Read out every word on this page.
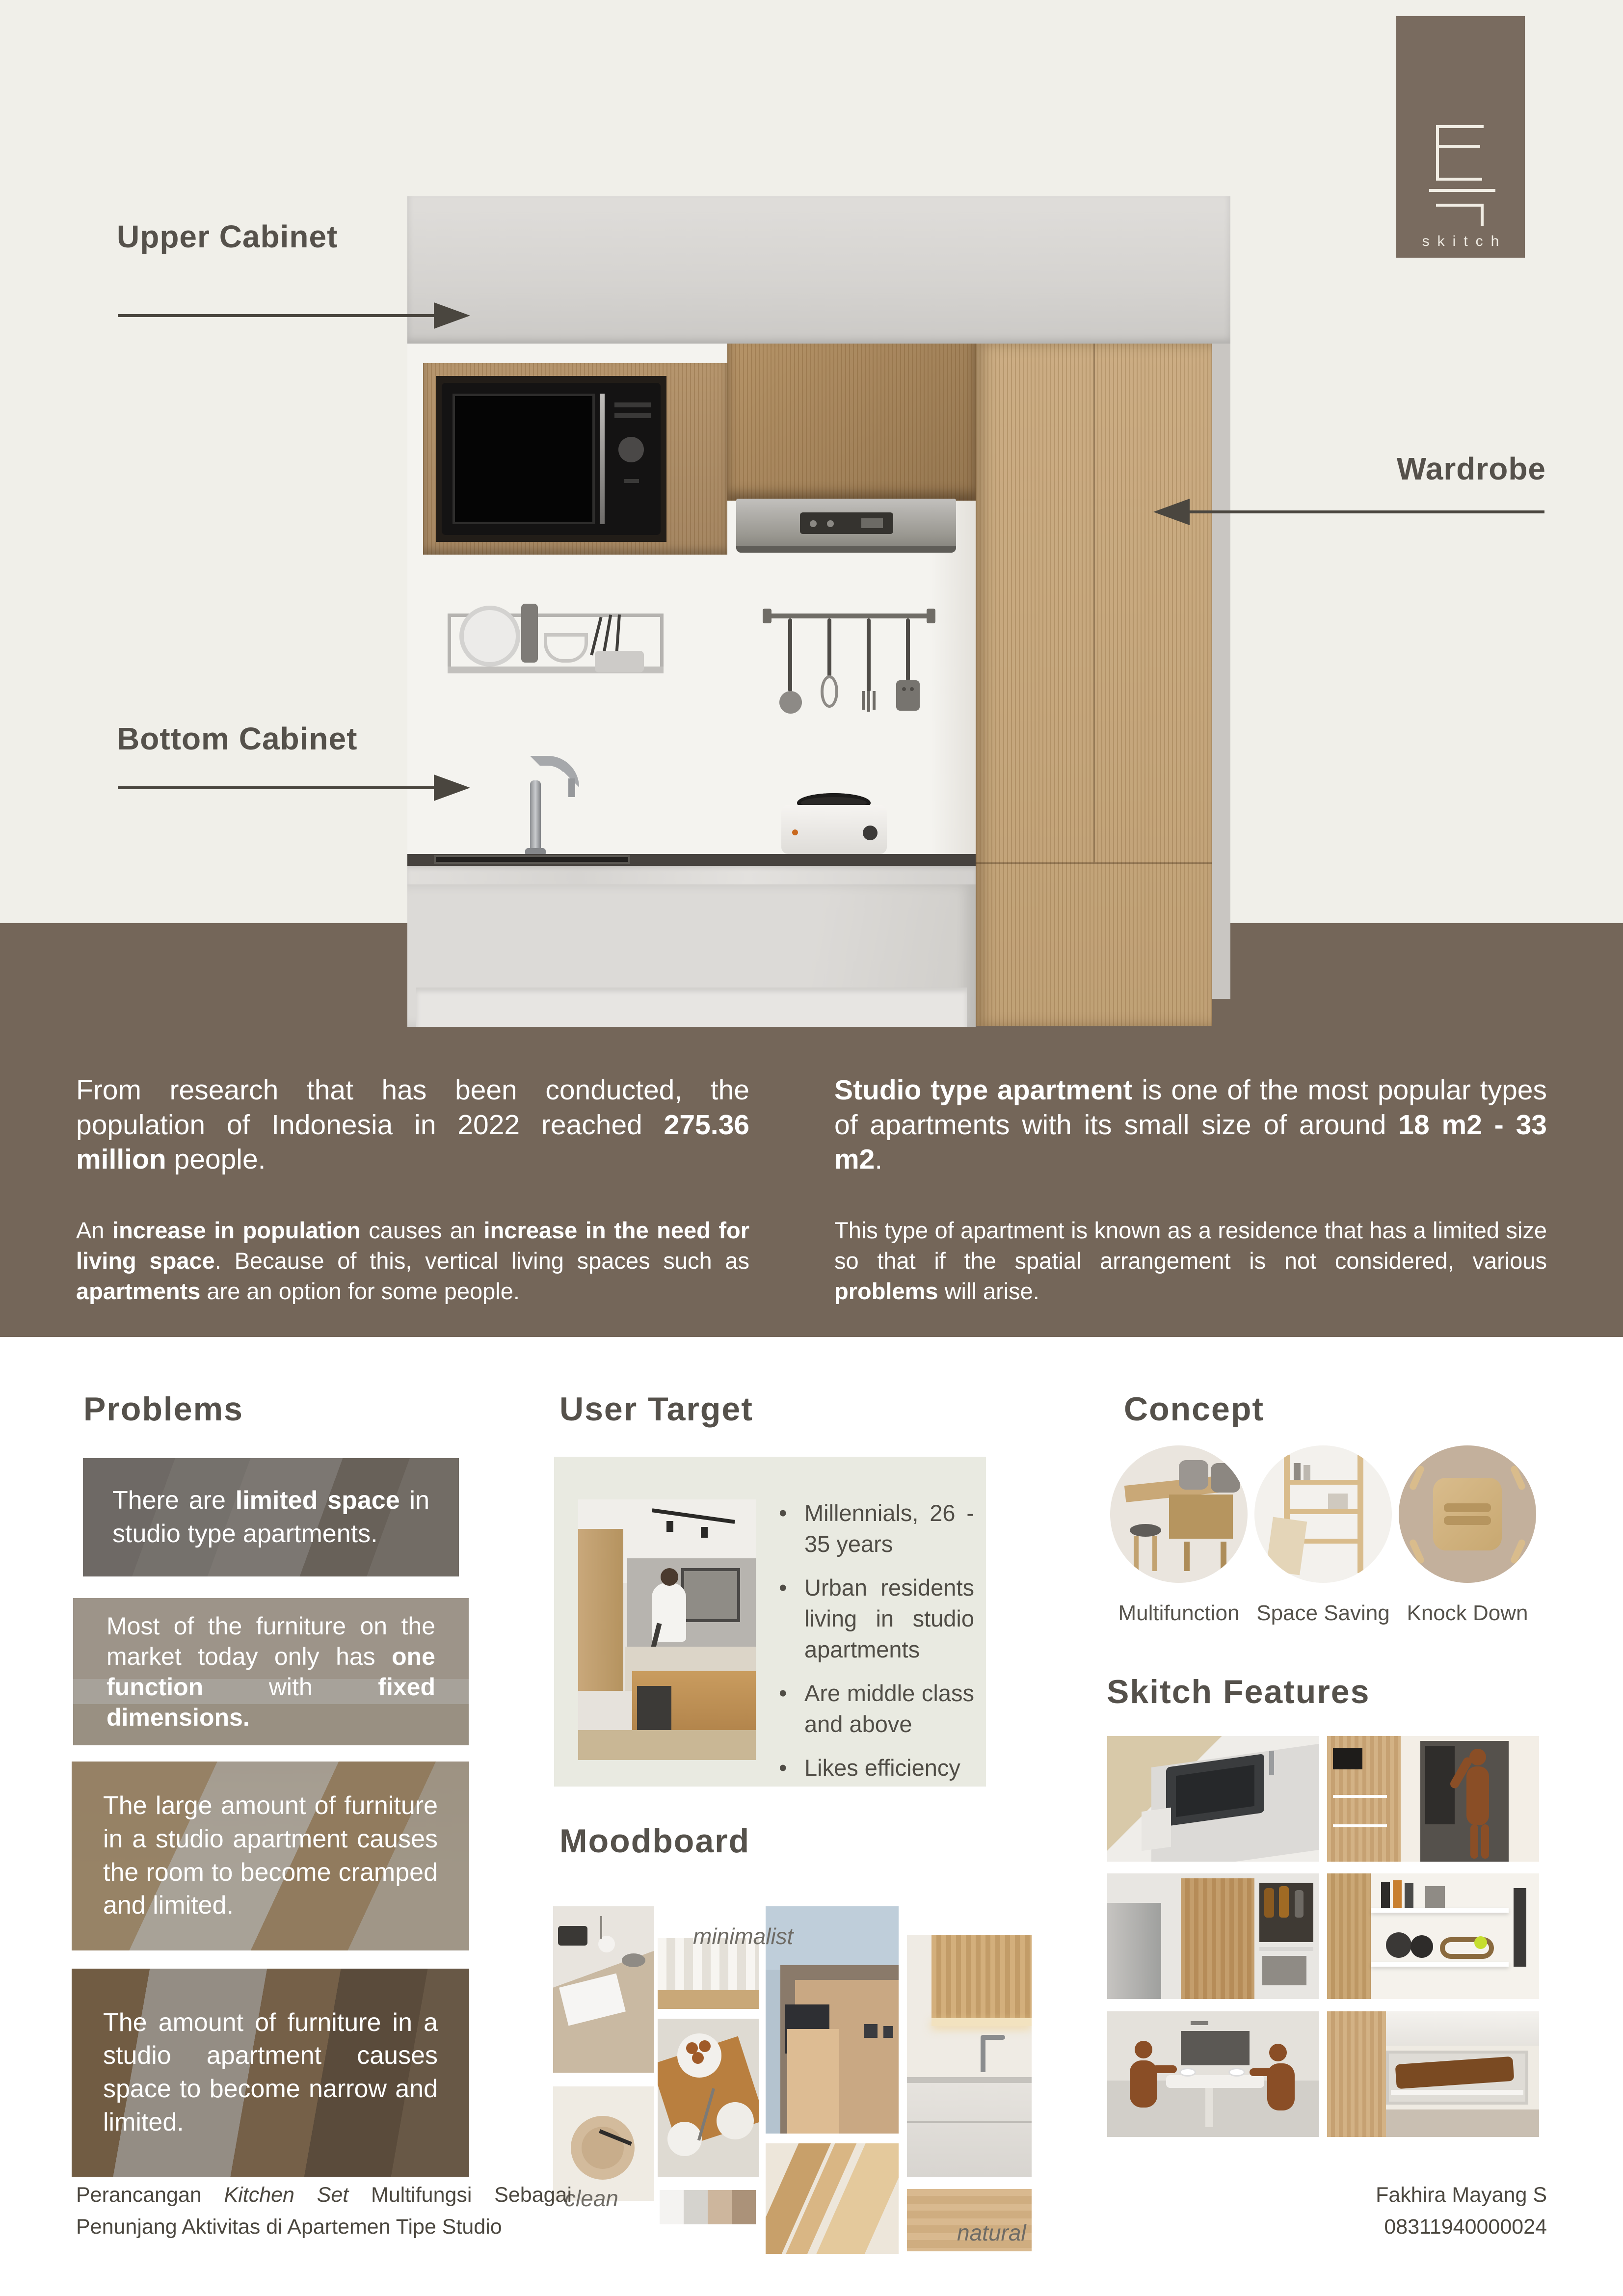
skitch
Upper Cabinet
Wardrobe
Bottom Cabinet

From research that has been conducted, the population of Indonesia in 2022 reached 275.36 million people.

An increase in population causes an increase in the need for living space. Because of this, vertical living spaces such as apartments are an option for some people.

Studio type apartment is one of the most popular types of apartments with its small size of around 18 m2 - 33 m2.

This type of apartment is known as a residence that has a limited size so that if the spatial arrangement is not considered, various problems will arise.

Problems
There are limited space in studio type apartments.
Most of the furniture on the market today only has one function with fixed dimensions.
The large amount of furniture in a studio apartment causes the room to become cramped and limited.
The amount of furniture in a studio apartment causes space to become narrow and limited.
User Target
• Millennials, 26 - 35 years
• Urban residents living in studio apartments
• Are middle class and above
• Likes efficiency
Concept
Multifunction Space Saving Knock Down
Moodboard
minimalist
clean
natural
Skitch Features

Perancangan Kitchen Set Multifungsi Sebagai Penunjang Aktivitas di Apartemen Tipe Studio

Fakhira Mayang S
08311940000024
